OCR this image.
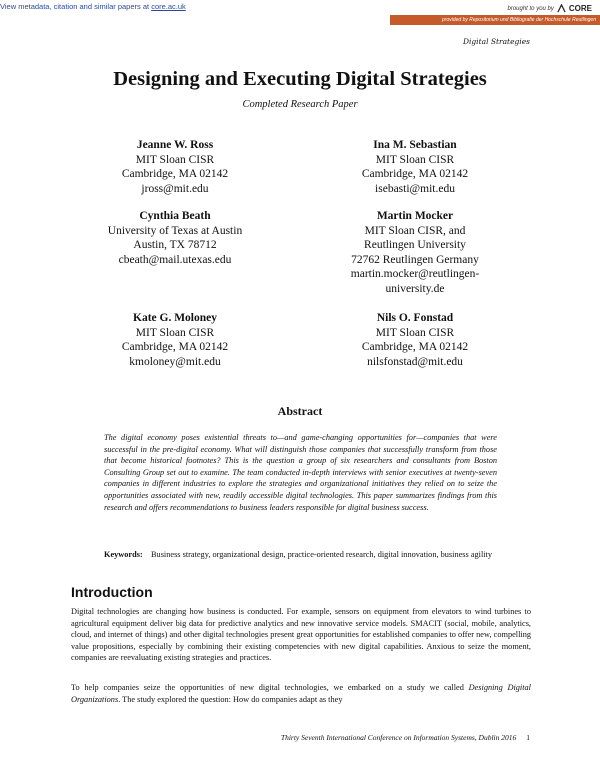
View metadata, citation and similar papers at core.ac.uk	brought to you by CORE
provided by Repositorium und Bibliografie der Hochschule Reutlingen
Digital Strategies
Designing and Executing Digital Strategies
Completed Research Paper
Jeanne W. Ross
MIT Sloan CISR
Cambridge, MA 02142
jross@mit.edu
Ina M. Sebastian
MIT Sloan CISR
Cambridge, MA 02142
isebasti@mit.edu
Cynthia Beath
University of Texas at Austin
Austin, TX 78712
cbeath@mail.utexas.edu
Martin Mocker
MIT Sloan CISR, and
Reutlingen University
72762 Reutlingen Germany
martin.mocker@reutlingen-
university.de
Kate G. Moloney
MIT Sloan CISR
Cambridge, MA 02142
kmoloney@mit.edu
Nils O. Fonstad
MIT Sloan CISR
Cambridge, MA 02142
nilsfonstad@mit.edu
Abstract
The digital economy poses existential threats to—and game-changing opportunities for—companies that were successful in the pre-digital economy. What will distinguish those companies that successfully transform from those that become historical footnotes? This is the question a group of six researchers and consultants from Boston Consulting Group set out to examine. The team conducted in-depth interviews with senior executives at twenty-seven companies in different industries to explore the strategies and organizational initiatives they relied on to seize the opportunities associated with new, readily accessible digital technologies. This paper summarizes findings from this research and offers recommendations to business leaders responsible for digital business success.
Keywords: Business strategy, organizational design, practice-oriented research, digital innovation, business agility
Introduction
Digital technologies are changing how business is conducted. For example, sensors on equipment from elevators to wind turbines to agricultural equipment deliver big data for predictive analytics and new innovative service models. SMACIT (social, mobile, analytics, cloud, and internet of things) and other digital technologies present great opportunities for established companies to offer new, compelling value propositions, especially by combining their existing competencies with new digital capabilities. Anxious to seize the moment, companies are reevaluating existing strategies and practices.
To help companies seize the opportunities of new digital technologies, we embarked on a study we called Designing Digital Organizations. The study explored the question: How do companies adapt as they
Thirty Seventh International Conference on Information Systems, Dublin 2016 1
